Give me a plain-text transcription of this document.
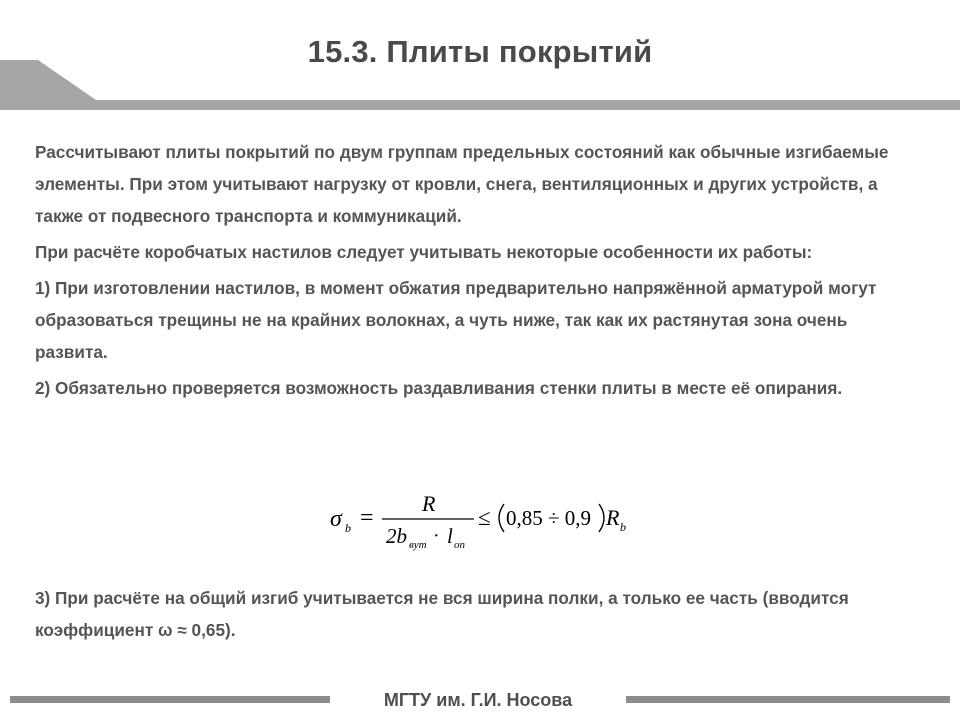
15.3. Плиты покрытий

Рассчитывают плиты покрытий по двум группам предельных состояний как обычные изгибаемые элементы. При этом учитывают нагрузку от кровли, снега, вентиляционных и других устройств, а также от подвесного транспорта и коммуникаций.

При расчёте коробчатых настилов следует учитывать некоторые особенности их работы:

1) При изготовлении настилов, в момент обжатия предварительно напряжённой арматурой могут образоваться трещины не на крайних волокнах, а чуть ниже, так как их растянутая зона очень развита.

2) Обязательно проверяется возможность раздавливания стенки плиты в месте её опирания.

σ b =
R
2b вут · l on
≤ 0,85 ÷ 0,9 R b

3) При расчёте на общий изгиб учитывается не вся ширина полки, а только ее часть (вводится коэффициент ω ≈ 0,65).

МГТУ им. Г.И. Носова
